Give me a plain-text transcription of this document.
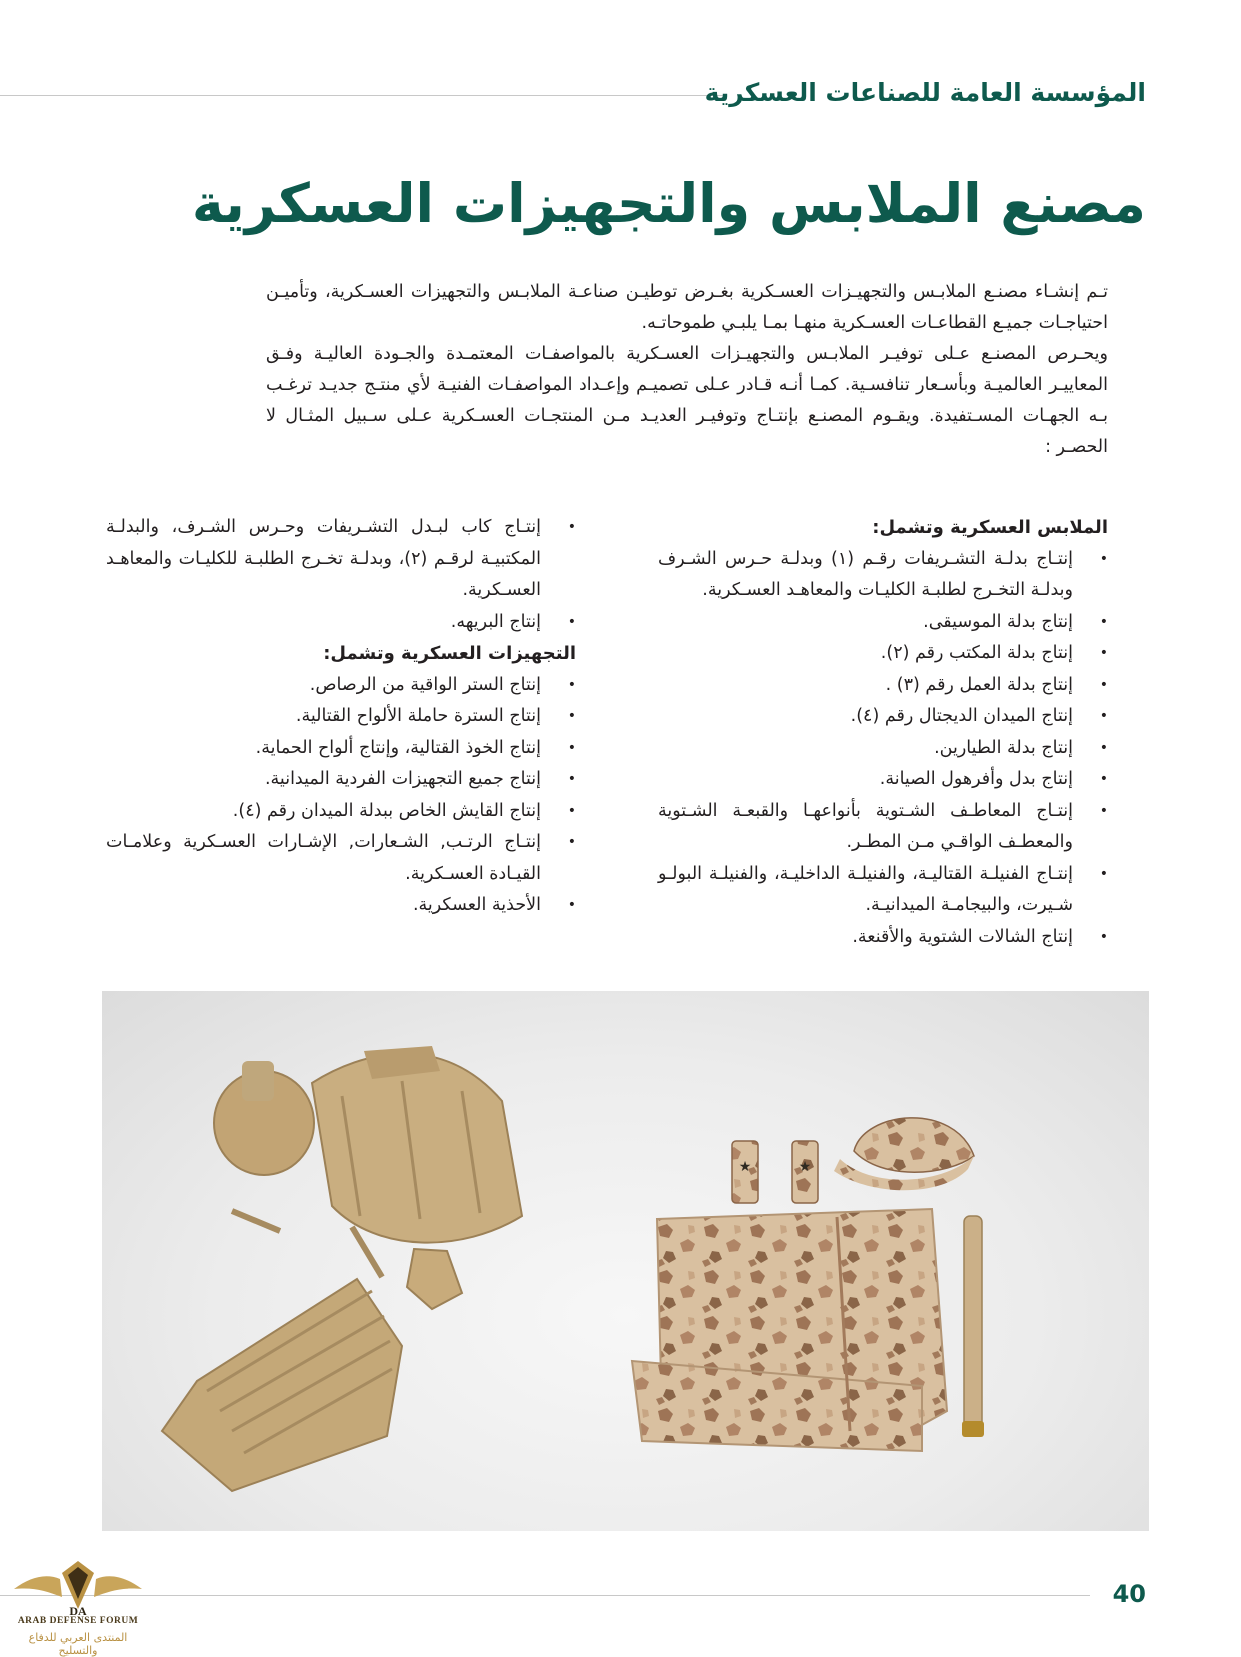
المؤسسة العامة للصناعات العسكرية
مصنع الملابس والتجهيزات العسكرية

تـم إنشـاء مصنـع الملابـس والتجهيـزات العسـكرية بغـرض توطيـن صناعـة الملابـس والتجهيزات العسـكرية، وتأميـن احتياجـات جميـع القطاعـات العسـكرية منهـا بمـا يلبـي طموحاتـه.

ويحـرص المصنـع عـلى توفيـر الملابـس والتجهيـزات العسـكرية بالمواصفـات المعتمـدة والجـودة العاليـة وفـق المعاييـر العالميـة وبأسـعار تنافسـية. كمـا أنـه قـادر عـلى تصميـم وإعـداد المواصفـات الفنيـة لأي منتـج جديـد ترغـب بـه الجهـات المسـتفيدة. ويقـوم المصنـع بإنتـاج وتوفيـر العديـد مـن المنتجـات العسـكرية عـلى سـبيل المثـال لا الحصـر :

الملابس العسكرية وتشمل:
• إنتـاج بدلـة التشـريفات رقـم (١) وبدلـة حـرس الشـرف وبدلـة التخـرج لطلبـة الكليـات والمعاهـد العسـكرية.
• إنتاج بدلة الموسيقى.
• إنتاج بدلة المكتب رقم (٢).
• إنتاج بدلة العمل رقم (٣) .
• إنتاج الميدان الديجتال رقم (٤).
• إنتاج بدلة الطيارين.
• إنتاج بدل وأفرهول الصيانة.
• إنتـاج المعاطـف الشـتوية بأنواعهـا والقبعـة الشـتوية والمعطـف الواقـي مـن المطـر.
• إنتـاج الفنيلـة القتاليـة، والفنيلـة الداخليـة، والفنيلـة البولـو شـيرت، والبيجامـة الميدانيـة.
• إنتاج الشالات الشتوية والأقنعة.
• إنتـاج كاب لبـدل التشـريفات وحـرس الشـرف، والبدلـة المكتبيـة لرقـم (٢)، وبدلـة تخـرج الطلبـة للكليـات والمعاهـد العسـكرية.
• إنتاج البريهه.
التجهيزات العسكرية وتشمل:
• إنتاج الستر الواقية من الرصاص.
• إنتاج السترة حاملة الألواح القتالية.
• إنتاج الخوذ القتالية، وإنتاج ألواح الحماية.
• إنتاج جميع التجهيزات الفردية الميدانية.
• إنتاج القايش الخاص ببدلة الميدان رقم (٤).
• إنتـاج الرتـب, الشـعارات, الإشـارات العسـكرية وعلامـات القيـادة العسـكرية.
• الأحذية العسكرية.
★	★
40
DA
ARAB DEFENSE FORUM
المنتدى العربي للدفاع والتسليح
